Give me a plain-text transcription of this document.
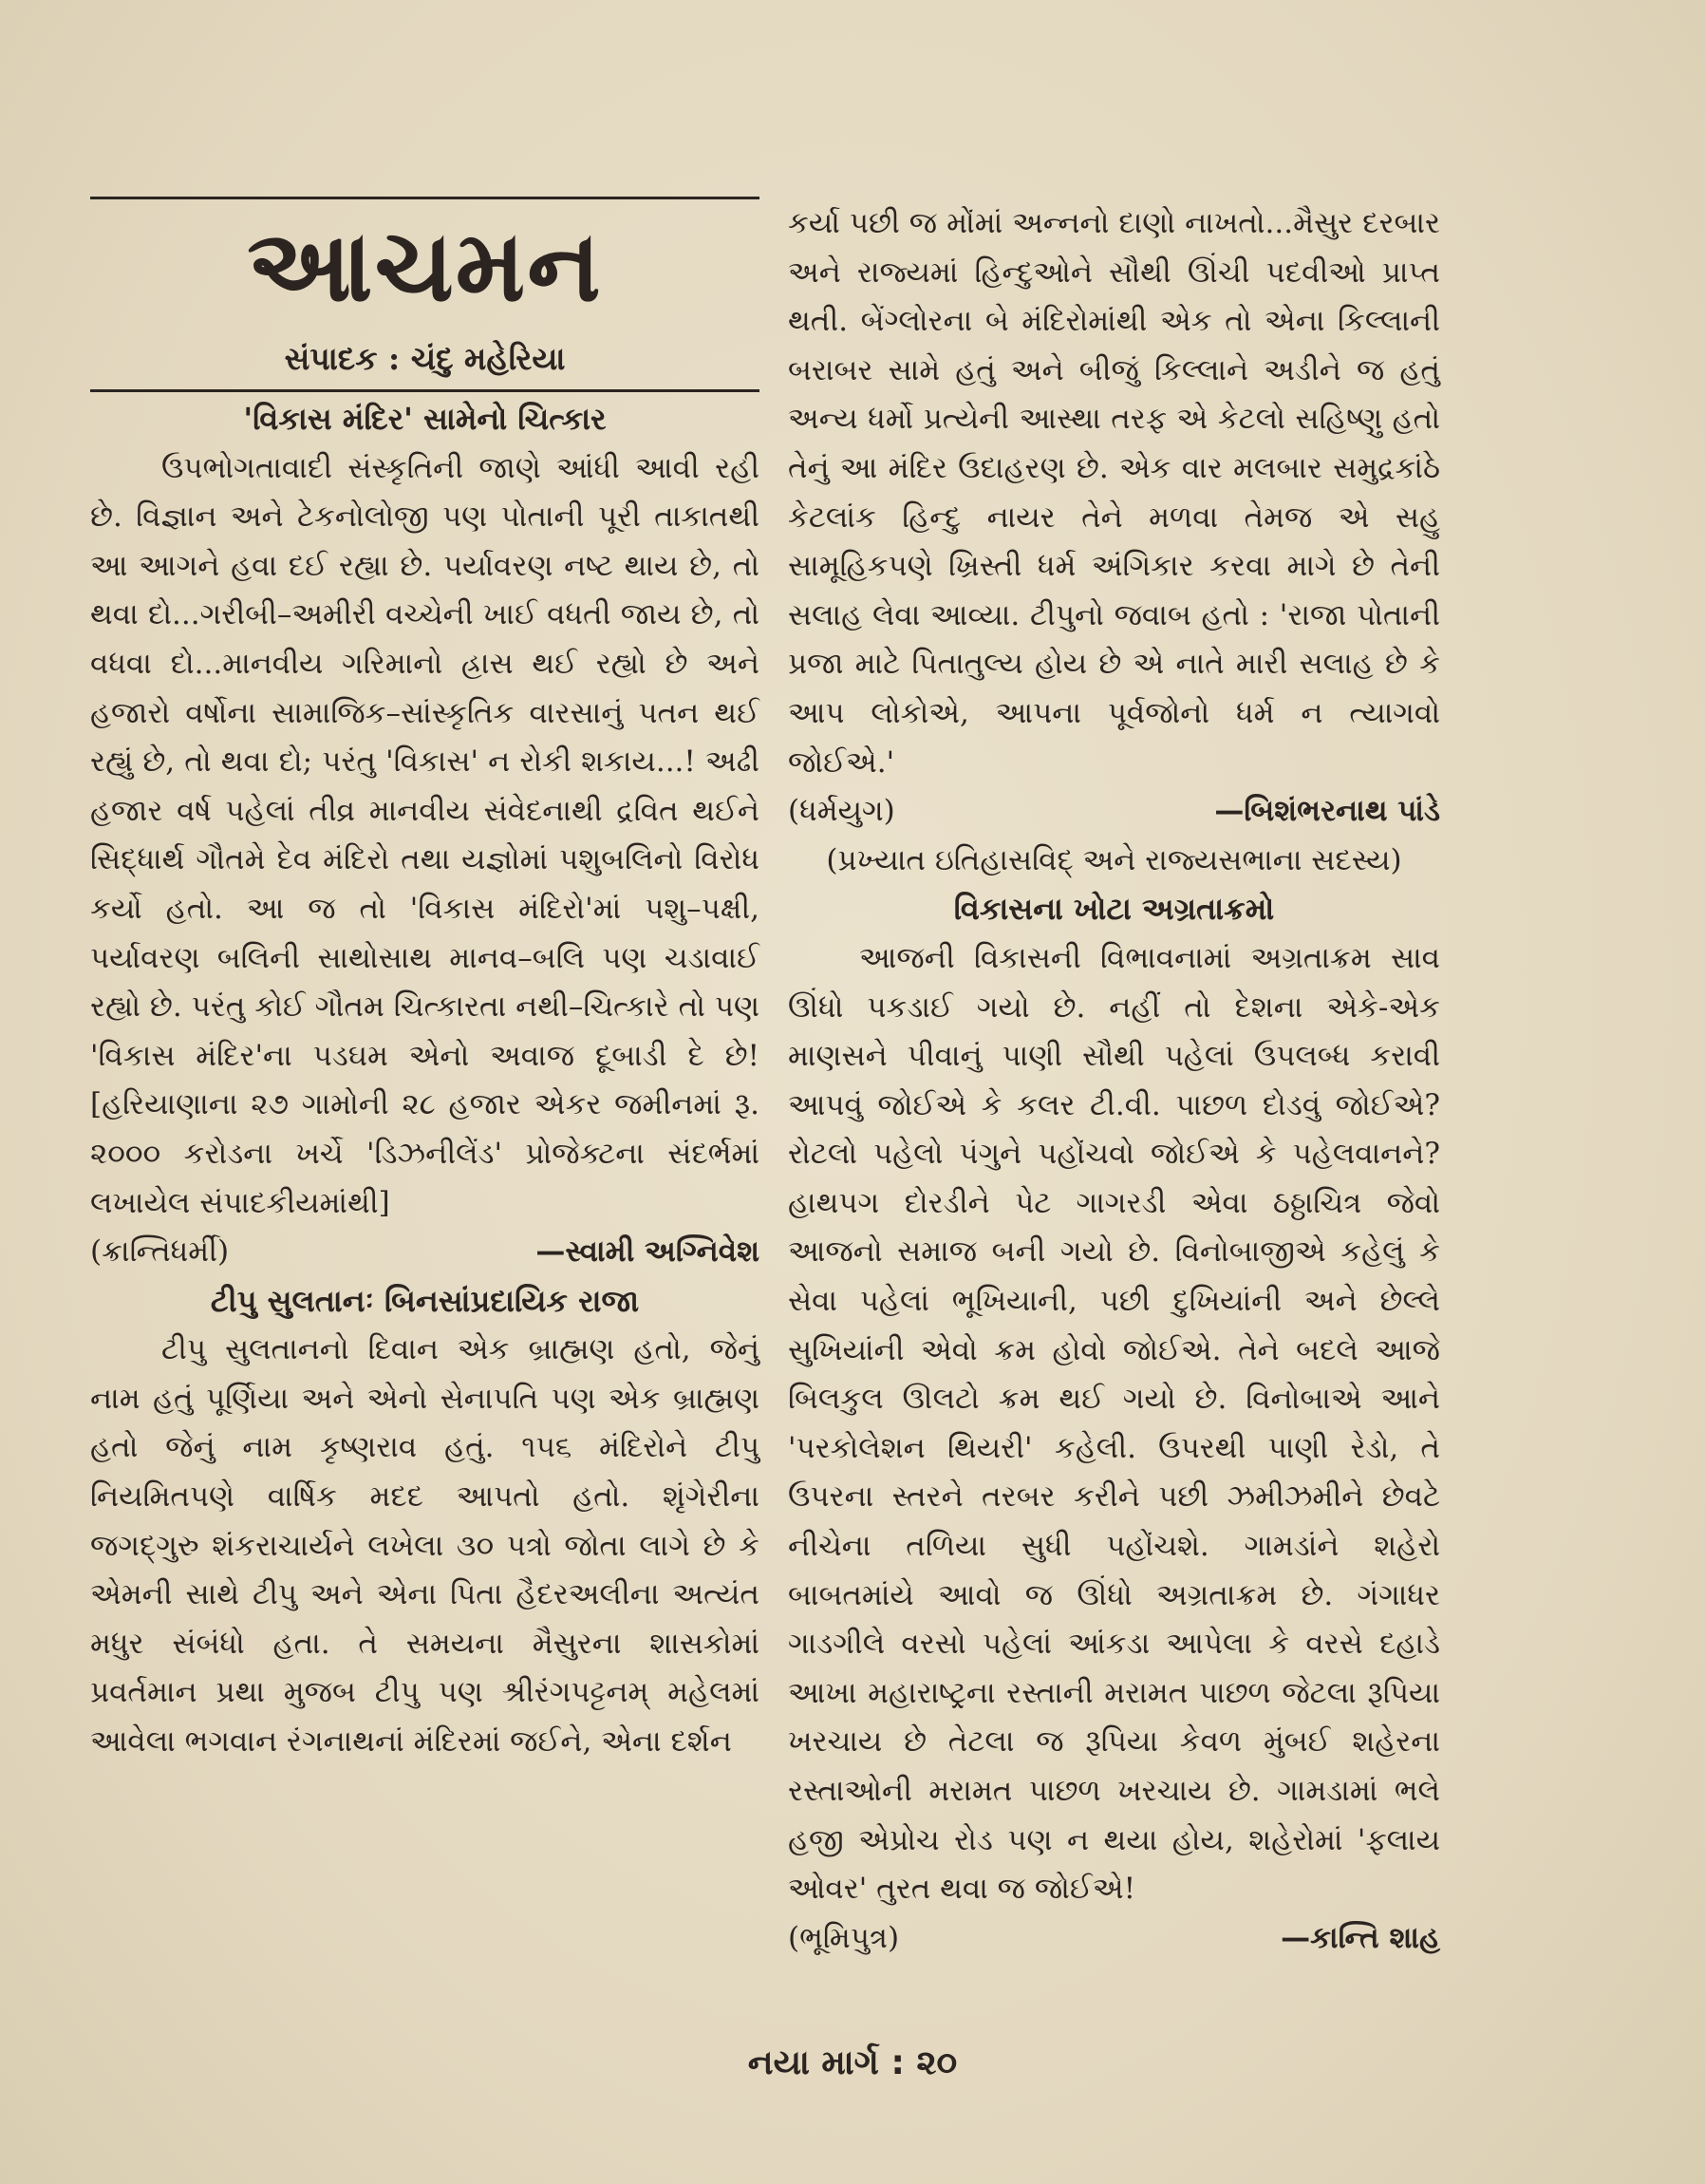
આચમન
સંપાદક : ચંદુ મહેરિયા

'વિકાસ મંદિર' સામેનો ચિત્કાર

ઉપભોગતાવાદી સંસ્કૃતિની જાણે આંધી આવી રહી છે. વિજ્ઞાન અને ટેકનોલોજી પણ પોતાની પૂરી તાકાતથી આ આગને હવા દઈ રહ્યા છે. પર્યાવરણ નષ્ટ થાય છે, તો થવા દો...ગરીબી–અમીરી વચ્ચેની ખાઈ વધતી જાય છે, તો વધવા દો...માનવીય ગરિમાનો હ્રાસ થઈ રહ્યો છે અને હજારો વર્ષોના સામાજિક–સાંસ્કૃતિક વારસાનું પતન થઈ રહ્યું છે, તો થવા દો; પરંતુ 'વિકાસ' ન રોકી શકાય...! અઢી હજાર વર્ષ પહેલાં તીવ્ર માનવીય સંવેદનાથી દ્રવિત થઈને સિદ્ધાર્થ ગૌતમે દેવ મંદિરો તથા યજ્ઞોમાં પશુબલિનો વિરોધ કર્યો હતો. આ જ તો 'વિકાસ મંદિરો'માં પશુ–પક્ષી, પર્યાવરણ બલિની સાથોસાથ માનવ–બલિ પણ ચડાવાઈ રહ્યો છે. પરંતુ કોઈ ગૌતમ ચિત્કારતા નથી–ચિત્કારે તો પણ 'વિકાસ મંદિર'ના પડઘમ એનો અવાજ દૂબાડી દે છે! [હરિયાણાના ૨૭ ગામોની ૨૮ હજાર એકર જમીનમાં રૂ. ૨૦૦૦ કરોડના ખર્ચે 'ડિઝનીલેંડ' પ્રોજેક્ટના સંદર્ભમાં લખાયેલ સંપાદકીયમાંથી]

(ક્રાન્તિધર્મી)	—સ્વામી અગ્નિવેશ

ટીપુ સુલતાનઃ બિનસાંપ્રદાયિક રાજા

ટીપુ સુલતાનનો દિવાન એક બ્રાહ્મણ હતો, જેનું નામ હતું પૂર્ણિયા અને એનો સેનાપતિ પણ એક બ્રાહ્મણ હતો જેનું નામ કૃષ્ણરાવ હતું. ૧૫૬ મંદિરોને ટીપુ નિયમિતપણે વાર્ષિક મદદ આપતો હતો. શૃંગેરીના જગદ્ગુરુ શંકરાચાર્યને લખેલા ૩૦ પત્રો જોતા લાગે છે કે એમની સાથે ટીપુ અને એના પિતા હૈદરઅલીના અત્યંત મધુર સંબંધો હતા. તે સમયના મૈસુરના શાસકોમાં પ્રવર્તમાન પ્રથા મુજબ ટીપુ પણ શ્રીરંગપટ્ટનમ્ મહેલમાં આવેલા ભગવાન રંગનાથનાં મંદિરમાં જઈને, એના દર્શન

કર્યા પછી જ મોંમાં અન્નનો દાણો નાખતો...મૈસુર દરબાર અને રાજ્યમાં હિન્દુઓને સૌથી ઊંચી પદવીઓ પ્રાપ્ત થતી. બેંગ્લોરના બે મંદિરોમાંથી એક તો એના કિલ્લાની બરાબર સામે હતું અને બીજું કિલ્લાને અડીને જ હતું અન્ય ધર્મો પ્રત્યેની આસ્થા તરફ એ કેટલો સહિષ્ણુ હતો તેનું આ મંદિર ઉદાહરણ છે. એક વાર મલબાર સમુદ્રકાંઠે કેટલાંક હિન્દુ નાયર તેને મળવા તેમજ એ સહુ સામૂહિકપણે ખ્રિસ્તી ધર્મ અંગિકાર કરવા માગે છે તેની સલાહ લેવા આવ્યા. ટીપુનો જવાબ હતો : 'રાજા પોતાની પ્રજા માટે પિતાતુલ્ય હોય છે એ નાતે મારી સલાહ છે કે આપ લોકોએ, આપના પૂર્વજોનો ધર્મ ન ત્યાગવો જોઈએ.'

(ધર્મયુગ)	—બિશંભરનાથ પાંડે

(પ્રખ્યાત ઇતિહાસવિદ્ અને રાજ્યસભાના સદસ્ય)

વિકાસના ખોટા અગ્રતાક્રમો

આજની વિકાસની વિભાવનામાં અગ્રતાક્રમ સાવ ઊંધો પકડાઈ ગયો છે. નહીં તો દેશના એકે-એક માણસને પીવાનું પાણી સૌથી પહેલાં ઉપલબ્ધ કરાવી આપવું જોઈએ કે કલર ટી.વી. પાછળ દોડવું જોઈએ? રોટલો પહેલો પંગુને પહોંચવો જોઈએ કે પહેલવાનને? હાથપગ દોરડીને પેટ ગાગરડી એવા ઠઠ્ઠાચિત્ર જેવો આજનો સમાજ બની ગયો છે. વિનોબાજીએ કહેલું કે સેવા પહેલાં ભૂખિયાની, પછી દુખિયાંની અને છેલ્લે સુખિયાંની એવો ક્રમ હોવો જોઈએ. તેને બદલે આજે બિલકુલ ઊલટો ક્રમ થઈ ગયો છે. વિનોબાએ આને 'પરકોલેશન થિયરી' કહેલી. ઉપરથી પાણી રેડો, તે ઉપરના સ્તરને તરબર કરીને પછી ઝમીઝમીને છેવટે નીચેના તળિયા સુધી પહોંચશે. ગામડાંને શહેરો બાબતમાંયે આવો જ ઊંધો અગ્રતાક્રમ છે. ગંગાધર ગાડગીલે વરસો પહેલાં આંકડા આપેલા કે વરસે દહાડે આખા મહારાષ્ટ્રના રસ્તાની મરામત પાછળ જેટલા રૂપિયા ખરચાય છે તેટલા જ રૂપિયા કેવળ મુંબઈ શહેરના રસ્તાઓની મરામત પાછળ ખરચાય છે. ગામડામાં ભલે હજી એપ્રોચ રોડ પણ ન થયા હોય, શહેરોમાં 'ફલાય ઓવર' તુરત થવા જ જોઈએ!

(ભૂમિપુત્ર)	—કાન્તિ શાહ

નયા માર્ગ : ૨૦
